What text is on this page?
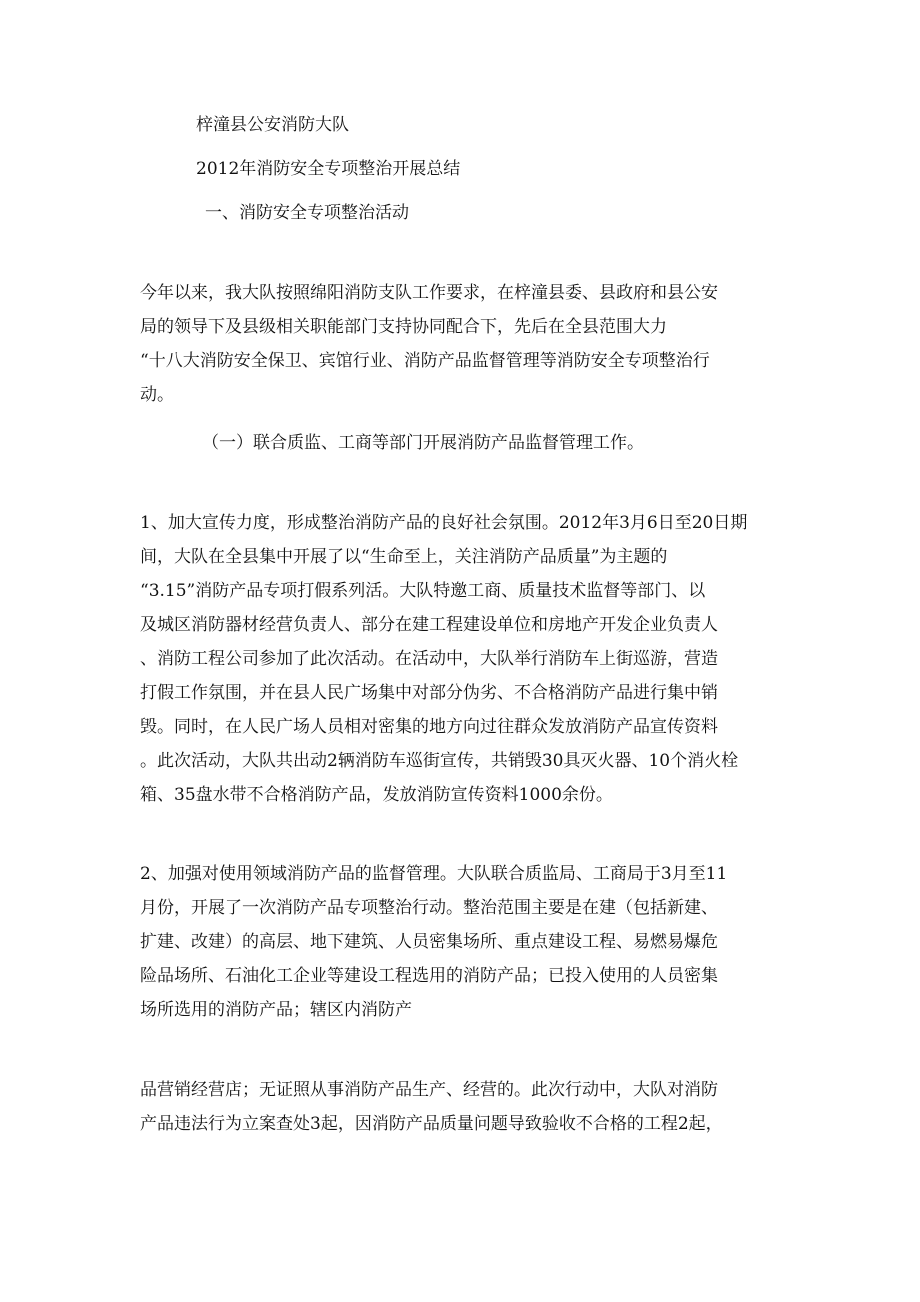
梓潼县公安消防大队

2012年消防安全专项整治开展总结

一、消防安全专项整治活动

今年以来，我大队按照绵阳消防支队工作要求，在梓潼县委、县政府和县公安

局的领导下及县级相关职能部门支持协同配合下，先后在全县范围大力

“十八大消防安全保卫、宾馆行业、消防产品监督管理等消防安全专项整治行

动。

（一）联合质监、工商等部门开展消防产品监督管理工作。

1、加大宣传力度，形成整治消防产品的良好社会氛围。2012年3月6日至20日期

间，大队在全县集中开展了以“生命至上，关注消防产品质量”为主题的

“3.15”消防产品专项打假系列活。大队特邀工商、质量技术监督等部门、以

及城区消防器材经营负责人、部分在建工程建设单位和房地产开发企业负责人

、消防工程公司参加了此次活动。在活动中，大队举行消防车上街巡游，营造

打假工作氛围，并在县人民广场集中对部分伪劣、不合格消防产品进行集中销

毁。同时，在人民广场人员相对密集的地方向过往群众发放消防产品宣传资料

。此次活动，大队共出动2辆消防车巡街宣传，共销毁30具灭火器、10个消火栓

箱、35盘水带不合格消防产品，发放消防宣传资料1000余份。

2、加强对使用领域消防产品的监督管理。大队联合质监局、工商局于3月至11

月份，开展了一次消防产品专项整治行动。整治范围主要是在建（包括新建、

扩建、改建）的高层、地下建筑、人员密集场所、重点建设工程、易燃易爆危

险品场所、石油化工企业等建设工程选用的消防产品；已投入使用的人员密集

场所选用的消防产品；辖区内消防产

品营销经营店；无证照从事消防产品生产、经营的。此次行动中，大队对消防

产品违法行为立案查处3起，因消防产品质量问题导致验收不合格的工程2起，
